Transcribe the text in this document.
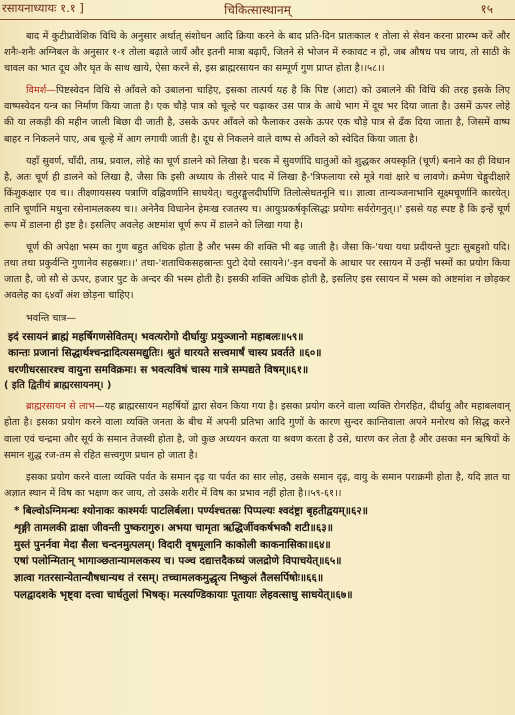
रसायनाध्यायः १.१ ]	चिकित्सास्थानम्	१५

बाद में कुटीप्रावेशिक विधि के अनुसार अर्थात् संशोधन आदि क्रिया करने के बाद प्रति-दिन प्रातःकाल १ तोला से सेवन करना प्रारम्भ करें और शनैः-शनैः अग्निबल के अनुसार १-१ तोला बढ़ाते जायँ और इतनी मात्रा बढ़ाएँ, जितने से भोजन में रुकावट न हो, जब औषध पच जाय, तो साठी के चावल का भात दूध और घृत के साथ खाये, ऐसा करने से, इस ब्राह्मरसायन का सम्पूर्ण गुण प्राप्त होता है।।५८।।

विमर्श—पिष्टस्वेदन विधि से आँवले को उबालना चाहिए, इसका तात्पर्य यह है कि पिष्ट (आटा) को उबालने की विधि की तरह इसके लिए वाष्पस्वेदन यन्त्र का निर्माण किया जाता है। एक चौड़े पात्र को चूल्हे पर चढ़ाकर उस पात्र के आधे भाग में दूध भर दिया जाता है। उसमें ऊपर लोहे की या लकड़ी की महीन जाली बिछा दी जाती है, उसके ऊपर आँवले को फैलाकर उसके ऊपर एक चौड़े पात्र से ढँक दिया जाता है, जिसमें वाष्प बाहर न निकलने पाए, अब चूल्हे में आग लगायी जाती है। दूध से निकलने वाले वाष्प से आँवले को स्वेदित किया जाता है।

यहाँ सुवर्ण, चाँदी, ताम्र, प्रवाल, लोहे का चूर्ण डालने को लिखा है। चरक में सुवर्णादि धातुओं को शुद्धकर अयस्कृति (चूर्ण) बनाने का ही विधान है, अतः चूर्ण ही डालने को लिखा है, जैसा कि इसी अध्याय के तीसरे पाद में लिखा है-'त्रिफलाया रसे मूत्रे गवां क्षारे च लावणे। क्रमेण चेङ्गुदीक्षारे किंशुकक्षार एव च।। तीक्ष्णायसस्य पत्राणि वह्निवर्णानि साधयेत्। चतुरङ्गुलदीर्घाणि तिलोत्सेधतनूनि च।। ज्ञात्वा तान्यञ्जनाभानि सूक्ष्मचूर्णानि कारयेत्। तानि चूर्णानि मधुना रसेनामलकस्य च।। अनेनैव विधानेन हेमःख रजतस्य च। आयुःप्रकर्षकृत्सिद्धः प्रयोगः सर्वरोगनुत्।।' इससे यह स्पष्ट है कि इन्हें चूर्ण रूप में डालना ही इष्ट है। इसलिए अवलेह अष्टमांश चूर्ण रूप में डालने को लिखा गया है।

चूर्ण की अपेक्षा भस्म का गुण बहुत अधिक होता है और भस्म की शक्ति भी बढ़ जाती है। जैसा कि-'यथा यथा प्रदीयन्ते पुटाः सुबहुशो यदि। तथा तथा प्रकुर्वन्ति गुणानेव सहस्रशः।।' तथा-'शताधिकसहस्रान्तः पुटो देयो रसायने।'-इन वचनों के आधार पर रसायन में उन्हीं भस्मों का प्रयोग किया जाता है, जो सौ से ऊपर, हजार पुट के अन्दर की भस्म होती है। इसकी शक्ति अधिक होती है, इसलिए इस रसायन में भस्म को अष्टमांश न छोड़कर अवलेह का ६४वाँ अंश छोड़ना चाहिए।

भवन्ति चात्र—

इदं रसायनं ब्राह्मं महर्षिगणसेवितम्। भवत्यरोगो दीर्घायुः प्रयुञ्जानो महाबलः॥५९॥
कान्तः प्रजानां सिद्धार्थश्चन्द्रादित्यसमद्युतिः। श्रुतं धारयते सत्त्वमार्षं चास्य प्रवर्तते ॥६०॥
धरणीधरसारश्च वायुना समविक्रमः। स भवत्यविषं चास्य गात्रे सम्पद्यते विषम्॥६१॥

( इति द्वितीयं ब्राह्मरसायनम्। )

ब्राह्मरसायन से लाभ—यह ब्राह्मरसायन महर्षियों द्वारा सेवन किया गया है। इसका प्रयोग करने वाला व्यक्ति रोगरहित, दीर्घायु और महाबलवान् होता है। इसका प्रयोग करने वाला व्यक्ति जनता के बीच में अपनी प्रतिभा आदि गुणों के कारण सुन्दर कान्तिवाला अपने मनोरथ को सिद्ध करने वाला एवं चन्द्रमा और सूर्य के समान तेजस्वी होता है, जो कुछ अध्ययन करता या श्रवण करता है उसे, धारण कर लेता है और उसका मन ऋषियों के समान शुद्ध रज-तम से रहित सत्त्वगुण प्रधान हो जाता है।

इसका प्रयोग करने वाला व्यक्ति पर्वत के समान दृढ़ या पर्वत का सार लोह, उसके समान दृढ़, वायु के समान पराक्रमी होता है, यदि ज्ञात या अज्ञात स्थान में विष का भक्षण कर जाय, तो उसके शरीर में विष का प्रभाव नहीं होता है।।५९-६१।।

* बिल्वोऽग्निमन्थः श्योनाकः काश्मर्यः पाटलिर्बला। पर्ण्यश्चतस्रः पिप्पल्यः श्वदंष्ट्रा बृहतीद्वयम्॥६२॥
शृङ्गी तामलकी द्राक्षा जीवन्ती पुष्करागुरु। अभया चामृता ऋद्धिर्जीवकर्षभकौ शटी॥६३॥
मुस्तं पुनर्नवा मेदा सैला चन्दनमुत्पलम्। विदारी वृषमूलानि काकोली काकनासिका॥६४॥
एषां पलोन्मितान् भागाञ्छतान्यामलकस्य च। पञ्च दद्यात्तदैकध्यं जलद्रोणे विपाचयेत्॥६५॥
ज्ञात्वा गतरसान्येतान्यौषधान्यथ तं रसम्। तच्चामलकमुद्धृत्य निष्कुलं तैलसर्पिषोः॥६६॥
पलद्वादशके भृष्ट्वा दत्त्वा चार्धतुलां भिषक्। मत्स्यण्डिकायाः पूतायाः लेहवत्साधु साधयेत्॥६७॥
